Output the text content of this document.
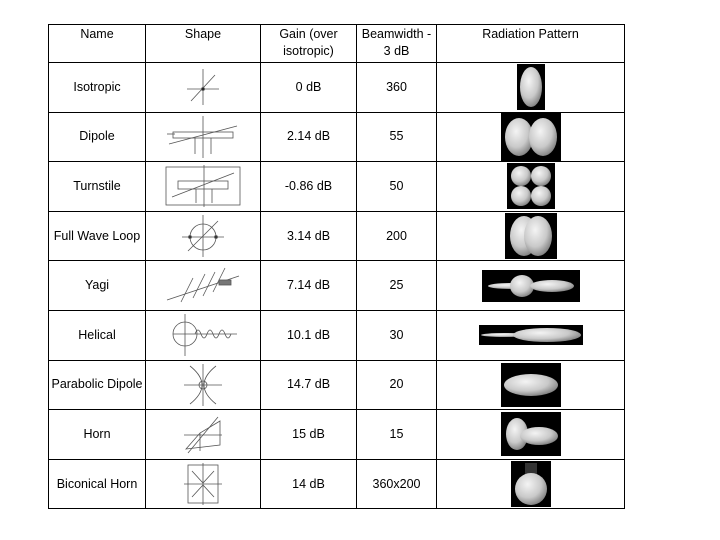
Name	Shape	Gain (over isotropic)	Beamwidth - 3 dB	Radiation Pattern
Isotropic		0 dB	360	

Dipole		2.14 dB	55	

Turnstile		-0.86 dB	50	

Full Wave Loop		3.14 dB	200	

Yagi		7.14 dB	25	

Helical		10.1 dB	30	

Parabolic Dipole		14.7 dB	20	

Horn		15 dB	15	

Biconical Horn		14 dB	360x200	
